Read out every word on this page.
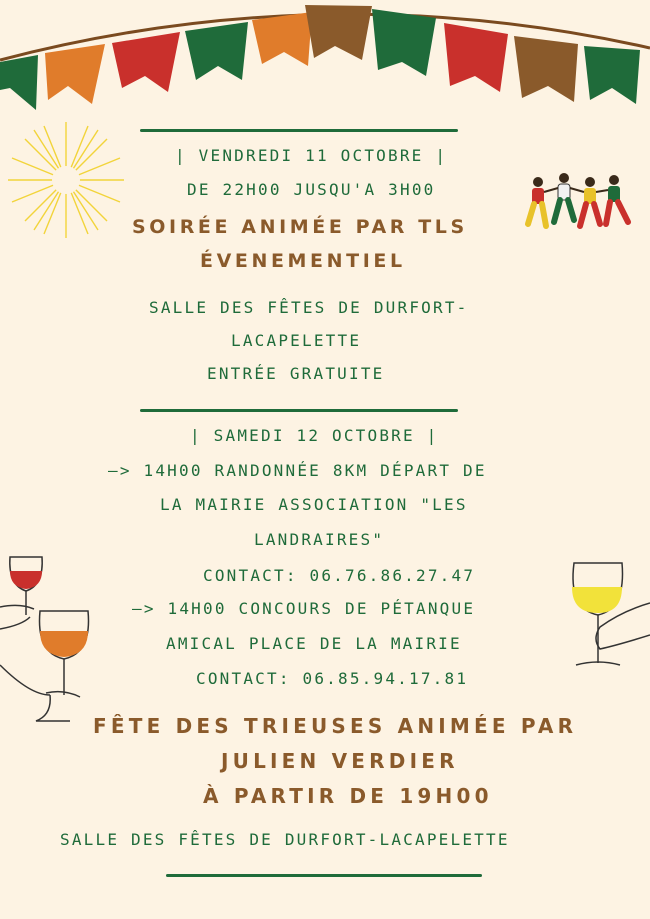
| VENDREDI 11 OCTOBRE |
DE 22H00 JUSQU'A 3H00
SOIRÉE ANIMÉE PAR TLS
ÉVENEMENTIEL
SALLE DES FÊTES DE DURFORT-
LACAPELETTE
ENTRÉE GRATUITE
| SAMEDI 12 OCTOBRE |
—> 14H00 RANDONNÉE 8KM DÉPART DE
LA MAIRIE ASSOCIATION "LES
LANDRAIRES"
CONTACT: 06.76.86.27.47
—> 14H00 CONCOURS DE PÉTANQUE
AMICAL PLACE DE LA MAIRIE
CONTACT: 06.85.94.17.81
FÊTE DES TRIEUSES ANIMÉE PAR
JULIEN VERDIER
À PARTIR DE 19H00
SALLE DES FÊTES DE DURFORT-LACAPELETTE
